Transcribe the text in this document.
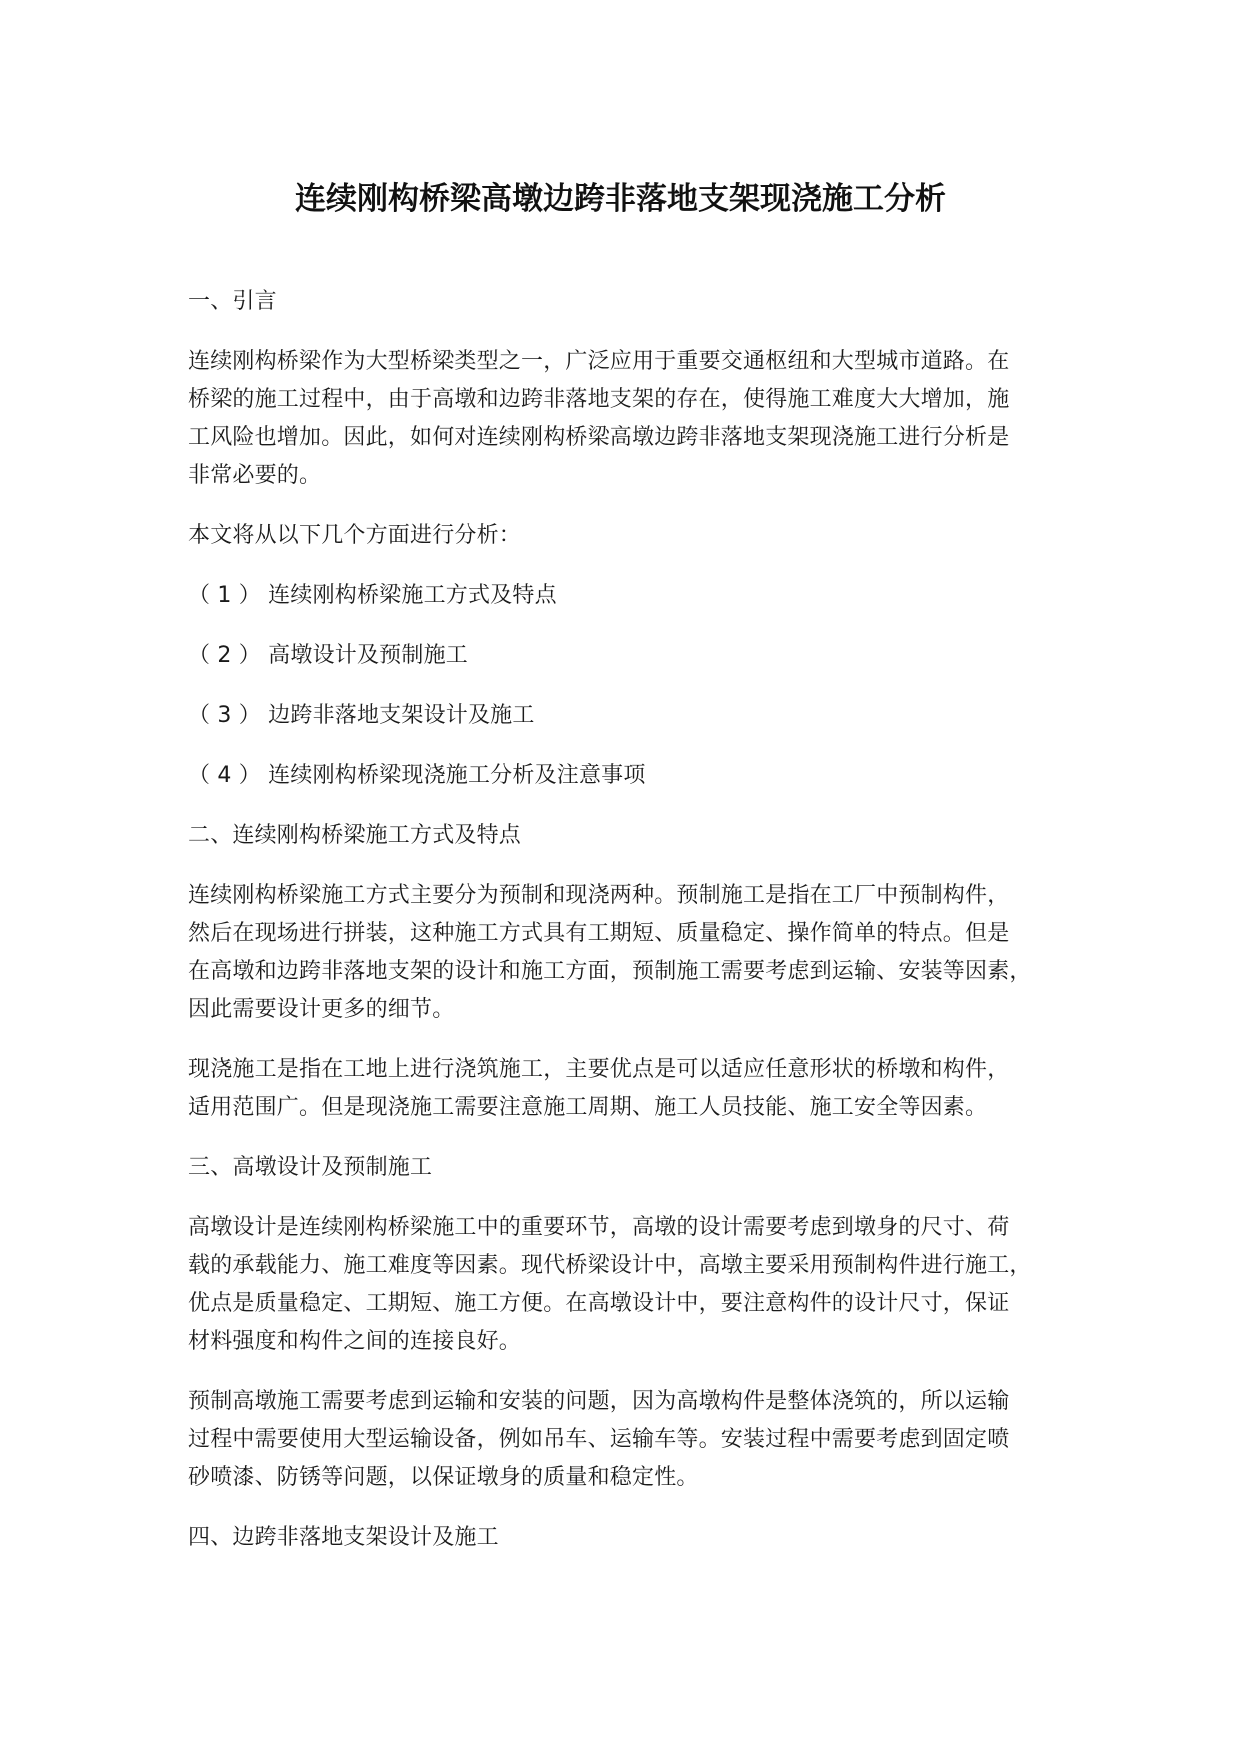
连续刚构桥梁高墩边跨非落地支架现浇施工分析
一、引言
连续刚构桥梁作为大型桥梁类型之一，广泛应用于重要交通枢纽和大型城市道路。在
桥梁的施工过程中，由于高墩和边跨非落地支架的存在，使得施工难度大大增加，施
工风险也增加。因此，如何对连续刚构桥梁高墩边跨非落地支架现浇施工进行分析是
非常必要的。
本文将从以下几个方面进行分析：
（ 1 ） 连续刚构桥梁施工方式及特点
（ 2 ） 高墩设计及预制施工
（ 3 ） 边跨非落地支架设计及施工
（ 4 ） 连续刚构桥梁现浇施工分析及注意事项
二、连续刚构桥梁施工方式及特点
连续刚构桥梁施工方式主要分为预制和现浇两种。预制施工是指在工厂中预制构件，
然后在现场进行拼装，这种施工方式具有工期短、质量稳定、操作简单的特点。但是
在高墩和边跨非落地支架的设计和施工方面，预制施工需要考虑到运输、安装等因素，
因此需要设计更多的细节。
现浇施工是指在工地上进行浇筑施工，主要优点是可以适应任意形状的桥墩和构件，
适用范围广。但是现浇施工需要注意施工周期、施工人员技能、施工安全等因素。
三、高墩设计及预制施工
高墩设计是连续刚构桥梁施工中的重要环节，高墩的设计需要考虑到墩身的尺寸、荷
载的承载能力、施工难度等因素。现代桥梁设计中，高墩主要采用预制构件进行施工，
优点是质量稳定、工期短、施工方便。在高墩设计中，要注意构件的设计尺寸，保证
材料强度和构件之间的连接良好。
预制高墩施工需要考虑到运输和安装的问题，因为高墩构件是整体浇筑的，所以运输
过程中需要使用大型运输设备，例如吊车、运输车等。安装过程中需要考虑到固定喷
砂喷漆、防锈等问题，以保证墩身的质量和稳定性。
四、边跨非落地支架设计及施工
